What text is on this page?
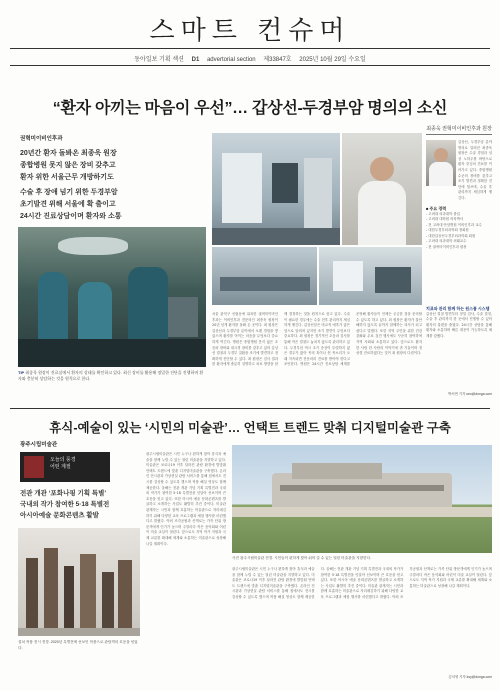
스마트 컨슈머
동아일보 기획 섹션 D1 advertorial section 제33847호 2025년 10월 29일 수요일
“환자 아끼는 마음이 우선”… 갑상선-두경부암 명의의 소신
권혁미이비인후과
20년간 환자 돌봐온 최종욱 원장
종합병원 못지 않은 장비 갖추고
환자 위한 서울근무 개방하기도
수술 후 장애 넘기 위한 두경부암
초기발견 위해 서울에 확 출이고
24시간 진료상담이며 환자와 소통
TIP 최종욱 원장이 진료실에서 환자의 상태를 확인하고 있다. 최신 장비를 활용해 정밀한 진단을 진행하며 환자와 충분히 상담하는 것을 원칙으로 한다.
서울 관악구 신림동에 위치한 권혁미이비인후과는 이비인후과 전문의인 최종욱 원장이 20년 넘게 환자를 돌봐 온 곳이다. 최 원장은 갑상선과 두경부암 분야에서 오랜 경험을 쌓았으며 환자를 아끼는 마음을 무엇보다 중요하게 여긴다. 병원은 종합병원 못지 않은 초음파 장비와 내시경 장비를 갖추고 있어 갑상선 결절과 두경부 질환을 조기에 발견하고 정확하게 진단할 수 있다. 최 원장은 검사 결과를 환자에게 충분히 설명하고 치료 방향을 함께 결정하는 것을 원칙으로 삼고 있다. 수술이 필요한 경우에는 수술 전후 관리까지 세심하게 챙긴다. 갑상선암은 비교적 예후가 좋은 암으로 알려져 있지만 조기 발견이 무엇보다 중요하다. 최 원장은 정기적인 초음파 검사를 통해 작은 결절도 놓치지 않도록 관리하고 있다. 두경부암 역시 초기 증상이 뚜렷하지 않은 경우가 많아 목의 혹이나 쉰 목소리가 오래 지속되면 전문의의 진료를 받아야 한다고 조언한다. 병원은 24시간 진료상담 체계를 운영해 환자들이 언제든 궁금한 점을 문의할 수 있도록 하고 있다. 최 원장은 환자가 불안해하지 않도록 끝까지 함께하는 의사가 되고 싶다고 말했다. 또한 지역 주민을 위한 건강 강좌와 무료 검진 행사에도 꾸준히 참여하며 지역 사회와 소통하고 있다. 앞으로도 환자 한 사람 한 사람의 이야기에 귀 기울이며 정성껏 진료하겠다는 것이 최 원장의 다짐이다.
최종욱 권혁미이비인후과 원장
갑상선, 두경부암 분야 명의로 알려진 최종욱 원장은 수술 경험과 임상 노하우를 바탕으로 환자 중심의 진료를 이어가고 있다. 종합병원 수준의 장비를 갖추고 조기 발견과 정확한 진단에 힘쓰며, 수술 후 관리까지 세심하게 챙긴다.
■ 주요 경력
- 고려대 의과대학 졸업
- 고려대 대학원 의학박사
- 전 고려대 안암병원 이비인후과 교수
- 대한두경부외과학회 정회원
- 대한갑상선두경부외과학회 회원
- 고려대 의과대학 외래교수
- 현 권혁미이비인후과 원장
치료와 관리 함께 하는 원스톱 시스템
갑상선 결절 발견부터 정밀 검사, 수술 결정, 수술 후 관리까지 한 곳에서 진행할 수 있어 환자의 불편을 줄였다. 24시간 상담을 통해 환자와 소통하며 빠른 대응이 가능하도록 체계를 갖췄다.
박서연 기자 seo@donga.com
휴식-예술이 있는 ‘시민의 미술관’… 언택트 트렌드 맞춰 디지털미술관 구축
광주시립미술관
오늘의 풍경
어떤 계절
전관 개관 ‘포화나핑 기획 특별’
국내외 작가 참여한 5·18 특별전
아시아예술 문화콘텐츠 활발
설치 작품 전시 전경. 2020년 특별전에 선보인 작품으로 관람객의 호응을 얻었다.
사진 광주시립미술관 전경. 시민들이 편하게 찾아 쉬어 갈 수 있는 열린 미술관을 지향한다.
광주시립미술관은 시민 누구나 편하게 찾아 휴식과 예술을 함께 누릴 수 있는 열린 미술관을 지향하고 있다. 미술관은 코로나19 이후 달라진 관람 환경에 발맞춰 언택트 트렌드에 맞춘 디지털미술관을 구축했다. 온라인 전시관과 가상현실 관람 서비스를 통해 집에서도 전시를 감상할 수 있도록 했으며 작품 해설 영상도 함께 제공한다. 올해는 전관 개관 기념 기획 특별전과 국내외 작가가 참여한 5·18 특별전을 잇달아 선보이며 큰 호응을 얻고 있다. 또한 아시아 예술 문화콘텐츠를 발굴하고 소개하는 사업도 활발히 추진 중이다. 미술관 관계자는 시민과 함께 호흡하는 미술관으로 자리매김하기 위해 다양한 교육 프로그램과 체험 행사를 마련했다고 밝혔다. 야외 조각공원과 산책로는 가족 단위 방문객에게 인기가 높으며 주말마다 작은 음악회와 어린이 미술 교실이 열린다. 앞으로도 지역 작가 지원과 국제 교류를 확대해 세계와 소통하는 미술관으로 성장해 나갈 계획이다.
광주시립미술관은 시민 누구나 편하게 찾아 휴식과 예술을 함께 누릴 수 있는 열린 미술관을 지향하고 있다. 미술관은 코로나19 이후 달라진 관람 환경에 발맞춰 언택트 트렌드에 맞춘 디지털미술관을 구축했다. 온라인 전시관과 가상현실 관람 서비스를 통해 집에서도 전시를 감상할 수 있도록 했으며 작품 해설 영상도 함께 제공한다. 올해는 전관 개관 기념 기획 특별전과 국내외 작가가 참여한 5·18 특별전을 잇달아 선보이며 큰 호응을 얻고 있다. 또한 아시아 예술 문화콘텐츠를 발굴하고 소개하는 사업도 활발히 추진 중이다. 미술관 관계자는 시민과 함께 호흡하는 미술관으로 자리매김하기 위해 다양한 교육 프로그램과 체험 행사를 마련했다고 밝혔다. 야외 조각공원과 산책로는 가족 단위 방문객에게 인기가 높으며 주말마다 작은 음악회와 어린이 미술 교실이 열린다. 앞으로도 지역 작가 지원과 국제 교류를 확대해 세계와 소통하는 미술관으로 성장해 나갈 계획이다.
김서영 기자 ksy@donga.com
